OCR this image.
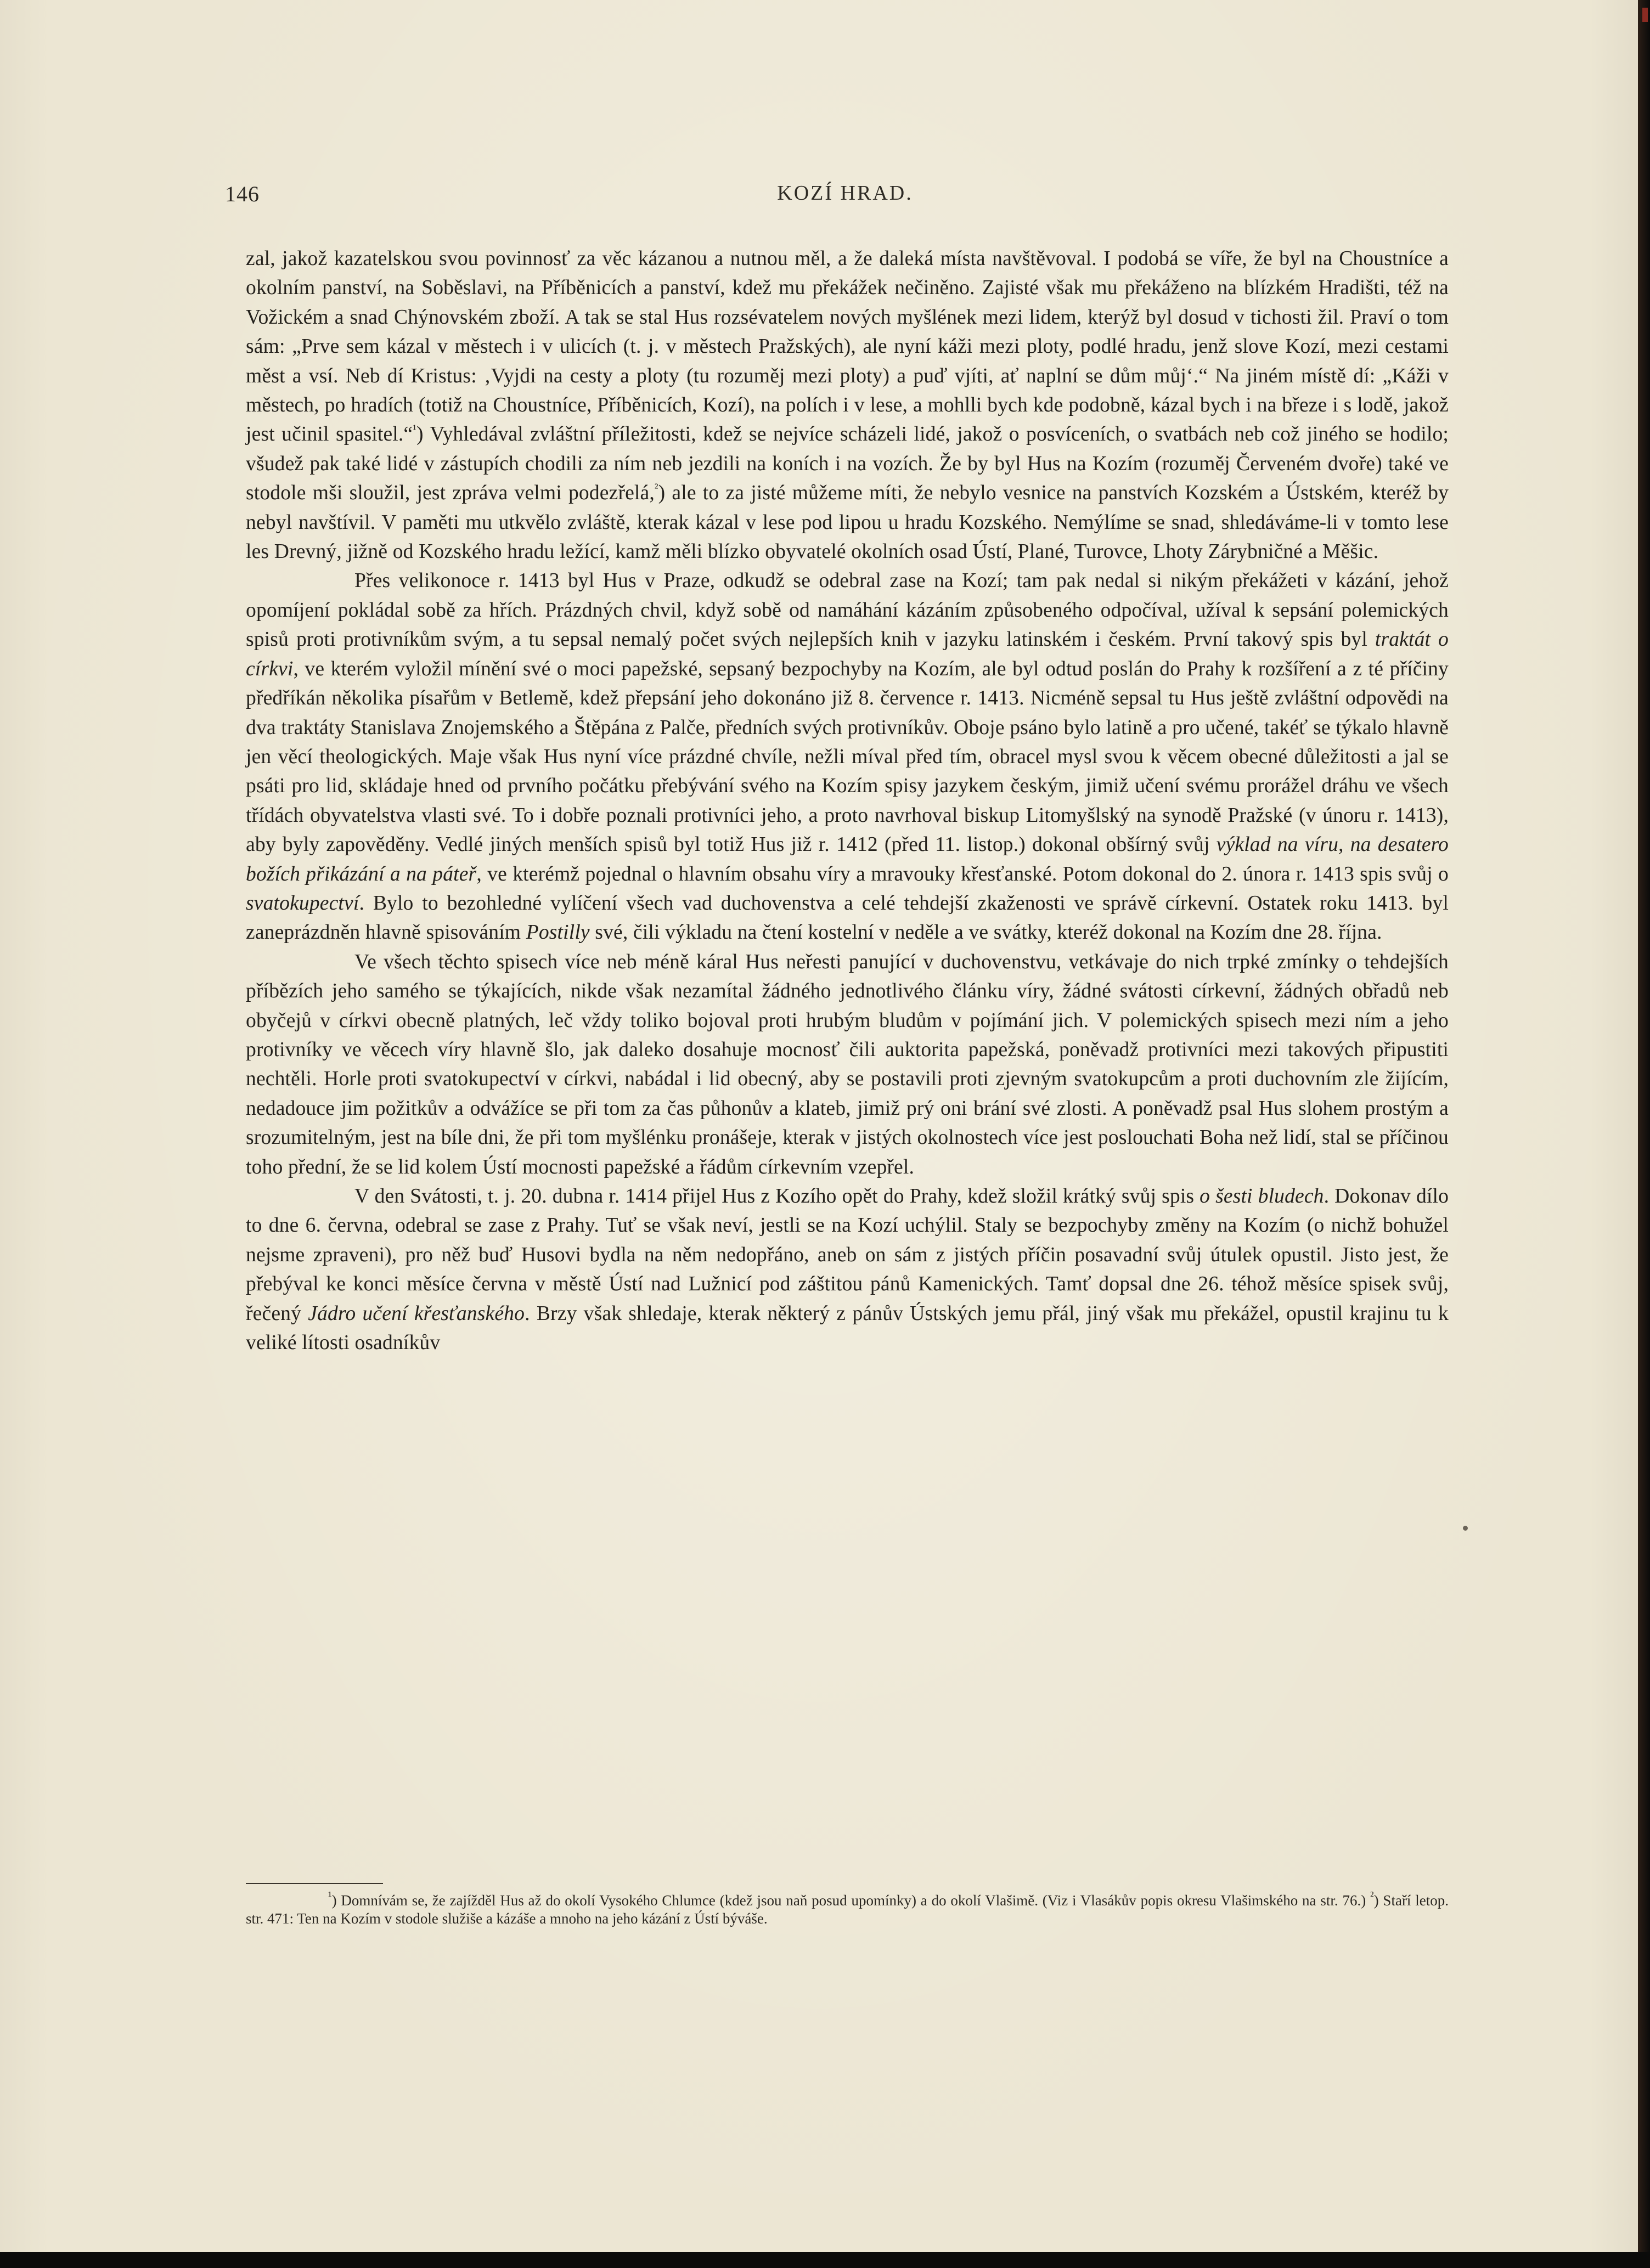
146	KOZÍ HRAD.

zal, jakož kazatelskou svou povinnosť za věc kázanou a nutnou měl, a že daleká místa navštěvoval. I podobá se víře, že byl na Choustníce a okolním panství, na Soběslavi, na Příběnicích a panství, kdež mu překážek nečiněno. Zajisté však mu překáženo na blízkém Hradišti, též na Vožickém a snad Chýnovském zboží. A tak se stal Hus rozsévatelem nových myšlének mezi lidem, kterýž byl dosud v tichosti žil. Praví o tom sám: „Prve sem kázal v městech i v ulicích (t. j. v městech Pražských), ale nyní káži mezi ploty, podlé hradu, jenž slove Kozí, mezi cestami měst a vsí. Neb dí Kristus: ‚Vyjdi na cesty a ploty (tu rozuměj mezi ploty) a puď vjíti, ať naplní se dům můj‘.“ Na jiném místě dí: „Káži v městech, po hradích (totiž na Choustníce, Příběnicích, Kozí), na polích i v lese, a mohlli bych kde podobně, kázal bych i na březe i s lodě, jakož jest učinil spasitel.“$^{^1}$) Vyhledával zvláštní příležitosti, kdež se nejvíce scházeli lidé, jakož o posvíceních, o svatbách neb což jiného se hodilo; všudež pak také lidé v zástupích chodili za ním neb jezdili na koních i na vozích. Že by byl Hus na Kozím (rozuměj Červeném dvoře) také ve stodole mši sloužil, jest zpráva velmi podezřelá,$^{^2}$) ale to za jisté můžeme míti, že nebylo vesnice na panstvích Kozském a Ústském, kteréž by nebyl navštívil. V paměti mu utkvělo zvláště, kterak kázal v lese pod lipou u hradu Kozského. Nemýlíme se snad, shledáváme-li v tomto lese les Drevný, jižně od Kozského hradu ležící, kamž měli blízko obyvatelé okolních osad Ústí, Plané, Turovce, Lhoty Zárybničné a Měšic.

Přes velikonoce r. 1413 byl Hus v Praze, odkudž se odebral zase na Kozí; tam pak nedal si nikým překážeti v kázání, jehož opomíjení pokládal sobě za hřích. Prázdných chvil, když sobě od namáhání kázáním způsobeného odpočíval, užíval k sepsání polemických spisů proti protivníkům svým, a tu sepsal nemalý počet svých nejlepších knih v jazyku latinském i českém. První takový spis byl traktát o církvi, ve kterém vyložil mínění své o moci papežské, sepsaný bezpochyby na Kozím, ale byl odtud poslán do Prahy k rozšíření a z té příčiny předříkán několika písařům v Betlemě, kdež přepsání jeho dokonáno již 8. července r. 1413. Nicméně sepsal tu Hus ještě zvláštní odpovědi na dva traktáty Stanislava Znojemského a Štěpána z Palče, předních svých protivníkův. Oboje psáno bylo latině a pro učené, takéť se týkalo hlavně jen věcí theologických. Maje však Hus nyní více prázdné chvíle, nežli míval před tím, obracel mysl svou k věcem obecné důležitosti a jal se psáti pro lid, skládaje hned od prvního počátku přebývání svého na Kozím spisy jazykem českým, jimiž učení svému prorážel dráhu ve všech třídách obyvatelstva vlasti své. To i dobře poznali protivníci jeho, a proto navrhoval biskup Litomyšlský na synodě Pražské (v únoru r. 1413), aby byly zapověděny. Vedlé jiných menších spisů byl totiž Hus již r. 1412 (před 11. listop.) dokonal obšírný svůj výklad na víru, na desatero božích přikázání a na páteř, ve kterémž pojednal o hlavním obsahu víry a mravouky křesťanské. Potom dokonal do 2. února r. 1413 spis svůj o svatokupectví. Bylo to bezohledné vylíčení všech vad duchovenstva a celé tehdejší zkaženosti ve správě církevní. Ostatek roku 1413. byl zaneprázdněn hlavně spisováním Postilly své, čili výkladu na čtení kostelní v neděle a ve svátky, kteréž dokonal na Kozím dne 28. října.

Ve všech těchto spisech více neb méně káral Hus neřesti panující v duchovenstvu, vetkávaje do nich trpké zmínky o tehdejších příbězích jeho samého se týkajících, nikde však nezamítal žádného jednotlivého článku víry, žádné svátosti církevní, žádných obřadů neb obyčejů v církvi obecně platných, leč vždy toliko bojoval proti hrubým bludům v pojímání jich. V polemických spisech mezi ním a jeho protivníky ve věcech víry hlavně šlo, jak daleko dosahuje mocnosť čili auktorita papežská, poněvadž protivníci mezi takových připustiti nechtěli. Horle proti svatokupectví v církvi, nabádal i lid obecný, aby se postavili proti zjevným svatokupcům a proti duchovním zle žijícím, nedadouce jim požitkův a odvážíce se při tom za čas půhonův a klateb, jimiž prý oni brání své zlosti. A poněvadž psal Hus slohem prostým a srozumitelným, jest na bíle dni, že při tom myšlénku pronášeje, kterak v jistých okolnostech více jest poslouchati Boha než lidí, stal se příčinou toho přední, že se lid kolem Ústí mocnosti papežské a řádům církevním vzepřel.

V den Svátosti, t. j. 20. dubna r. 1414 přijel Hus z Kozího opět do Prahy, kdež složil krátký svůj spis o šesti bludech. Dokonav dílo to dne 6. června, odebral se zase z Prahy. Tuť se však neví, jestli se na Kozí uchýlil. Staly se bezpochyby změny na Kozím (o nichž bohužel nejsme zpraveni), pro něž buď Husovi bydla na něm nedopřáno, aneb on sám z jistých příčin posavadní svůj útulek opustil. Jisto jest, že přebýval ke konci měsíce června v městě Ústí nad Lužnicí pod záštitou pánů Kamenických. Tamť dopsal dne 26. téhož měsíce spisek svůj, řečený Jádro učení křesťanského. Brzy však shledaje, kterak některý z pánův Ústských jemu přál, jiný však mu překážel, opustil krajinu tu k veliké lítosti osadníkův

$^{^1}$) Domnívám se, že zajížděl Hus až do okolí Vysokého Chlumce (kdež jsou naň posud upomínky) a do okolí Vlašimě. (Viz i Vlasákův popis okresu Vlašimského na str. 76.) $^{^2}$) Staří letop. str. 471: Ten na Kozím v stodole služiše a kázáše a mnoho na jeho kázání z Ústí býváše.
